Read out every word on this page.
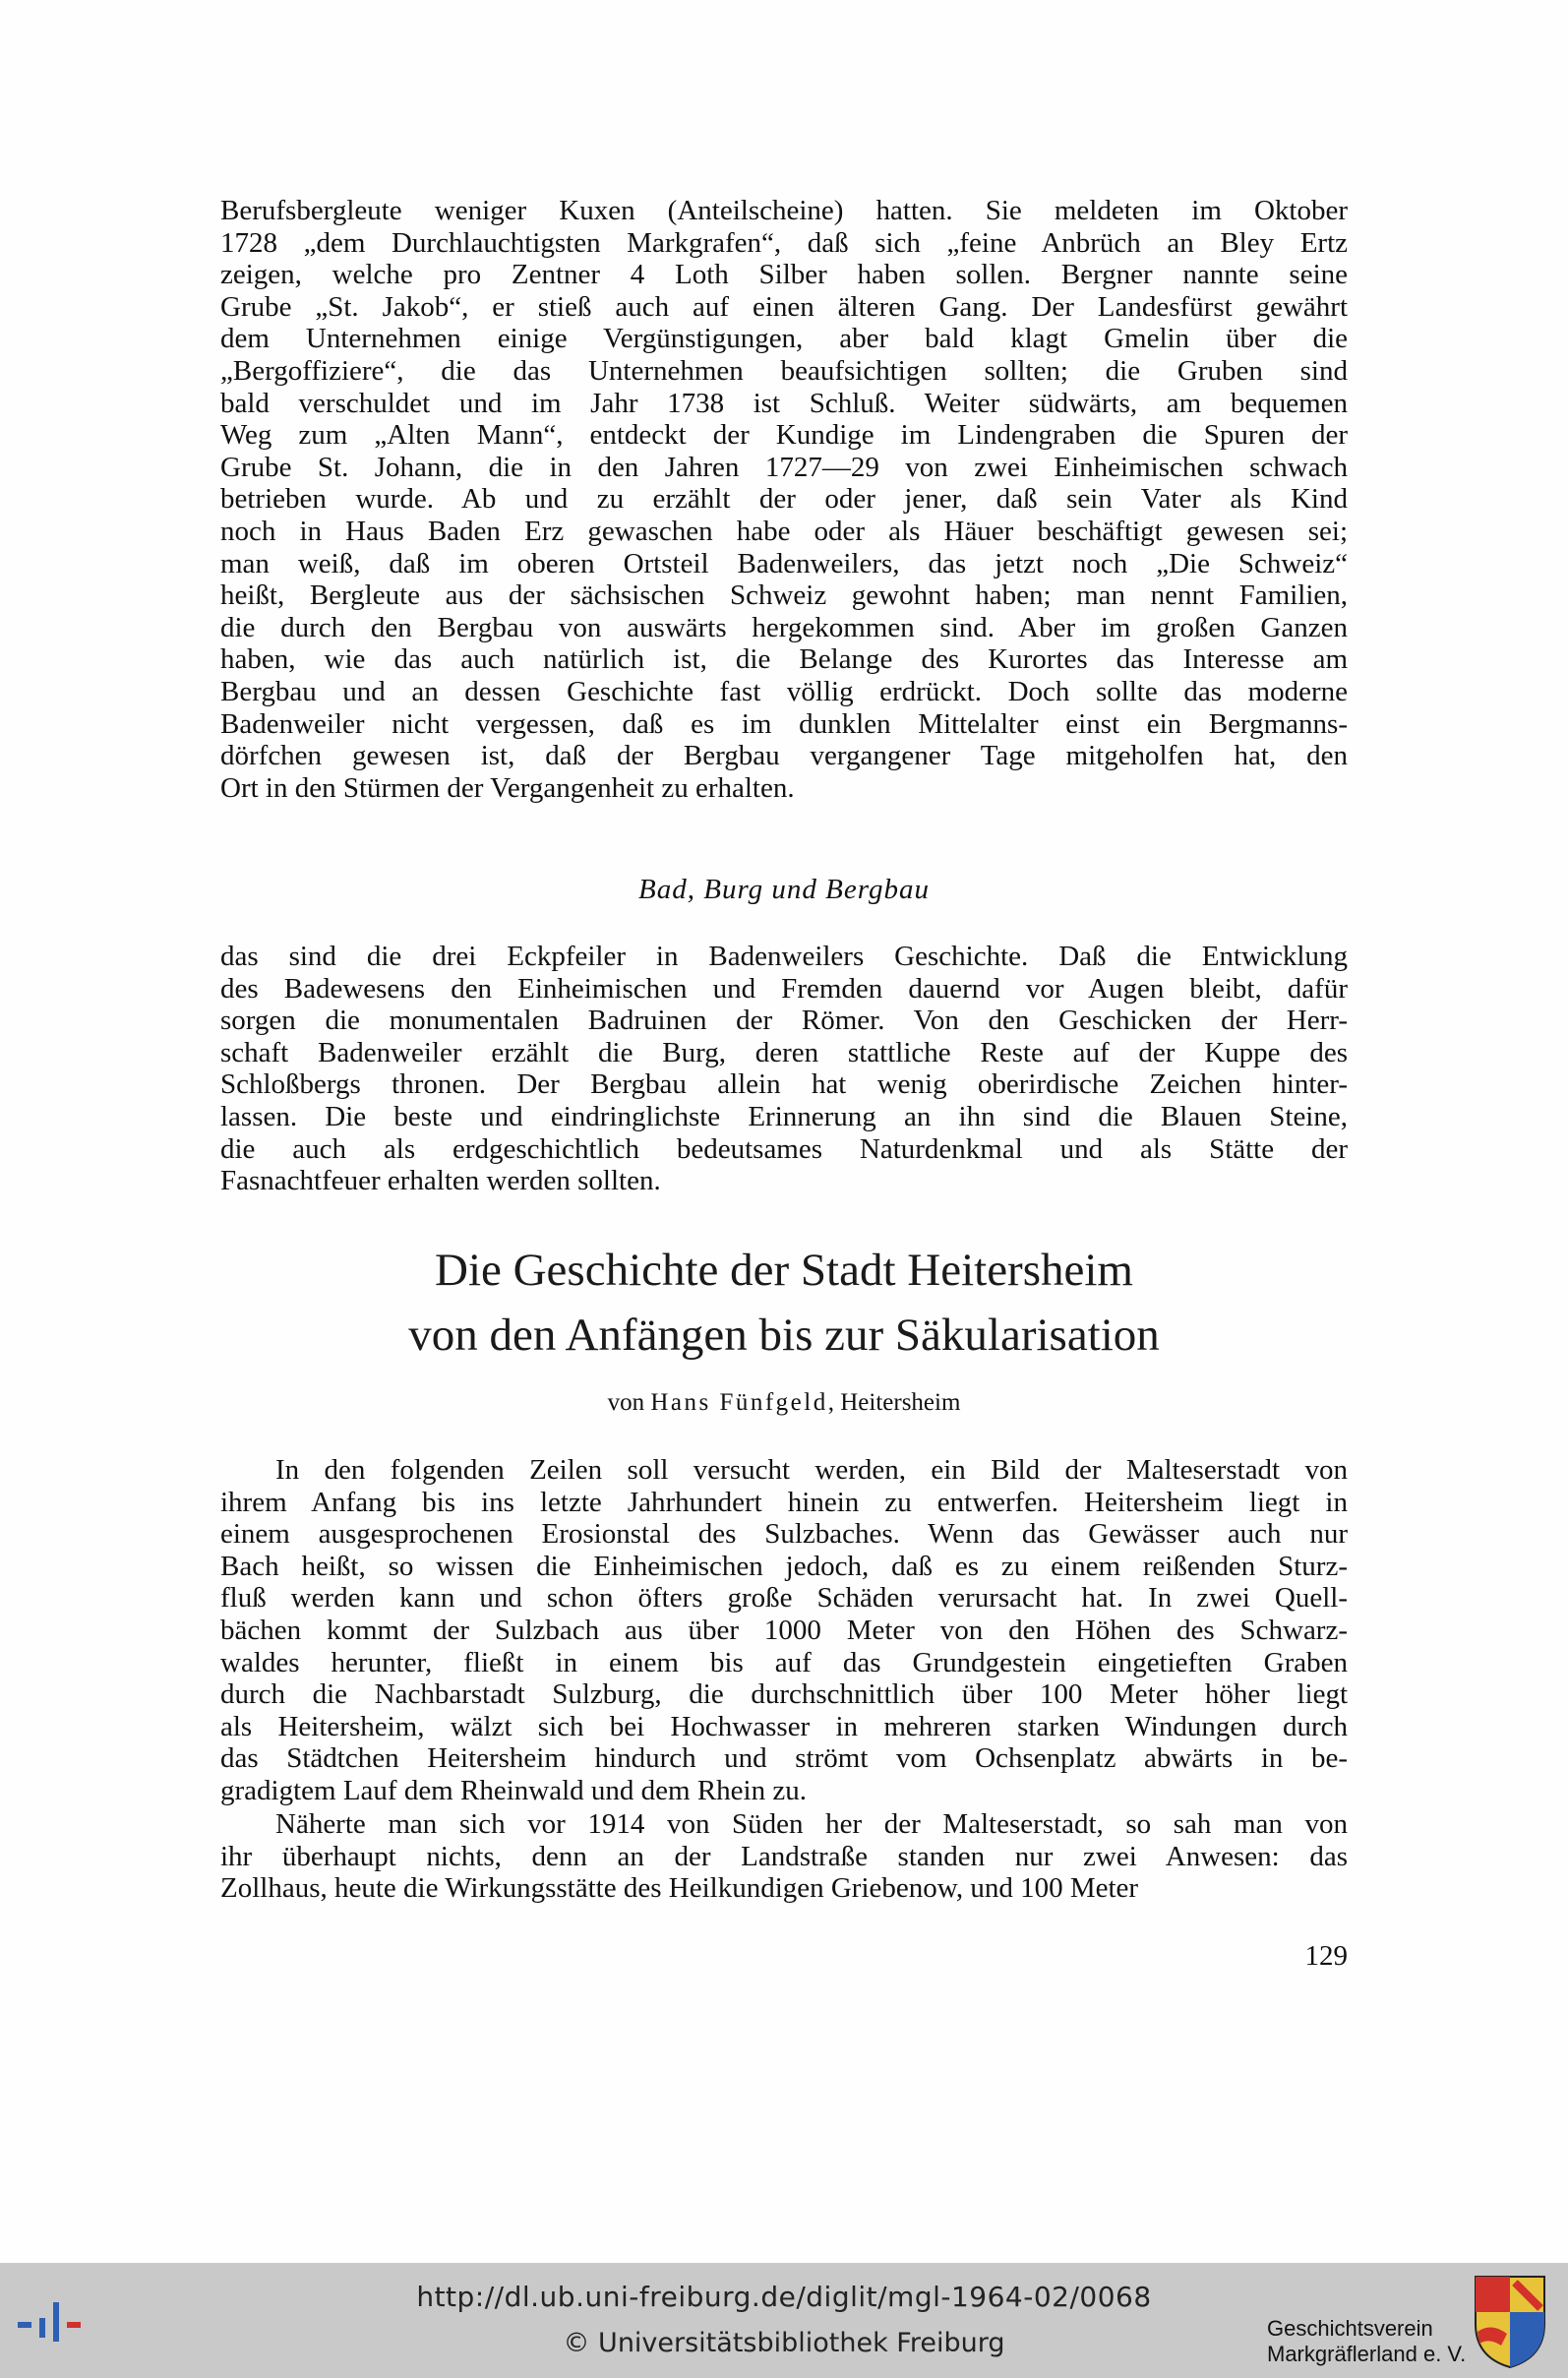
Berufsbergleute weniger Kuxen (Anteilscheine) hatten. Sie meldeten im Oktober
1728 „dem Durchlauchtigsten Markgrafen“, daß sich „feine Anbrüch an Bley Ertz
zeigen, welche pro Zentner 4 Loth Silber haben sollen. Bergner nannte seine
Grube „St. Jakob“, er stieß auch auf einen älteren Gang. Der Landesfürst gewährt
dem Unternehmen einige Vergünstigungen, aber bald klagt Gmelin über die
„Bergoffiziere“, die das Unternehmen beaufsichtigen sollten; die Gruben sind
bald verschuldet und im Jahr 1738 ist Schluß. Weiter südwärts, am bequemen
Weg zum „Alten Mann“, entdeckt der Kundige im Lindengraben die Spuren der
Grube St. Johann, die in den Jahren 1727—29 von zwei Einheimischen schwach
betrieben wurde. Ab und zu erzählt der oder jener, daß sein Vater als Kind
noch in Haus Baden Erz gewaschen habe oder als Häuer beschäftigt gewesen sei;
man weiß, daß im oberen Ortsteil Badenweilers, das jetzt noch „Die Schweiz“
heißt, Bergleute aus der sächsischen Schweiz gewohnt haben; man nennt Familien,
die durch den Bergbau von auswärts hergekommen sind. Aber im großen Ganzen
haben, wie das auch natürlich ist, die Belange des Kurortes das Interesse am
Bergbau und an dessen Geschichte fast völlig erdrückt. Doch sollte das moderne
Badenweiler nicht vergessen, daß es im dunklen Mittelalter einst ein Bergmanns-
dörfchen gewesen ist, daß der Bergbau vergangener Tage mitgeholfen hat, den
Ort in den Stürmen der Vergangenheit zu erhalten.
Bad, Burg und Bergbau
das sind die drei Eckpfeiler in Badenweilers Geschichte. Daß die Entwicklung
des Badewesens den Einheimischen und Fremden dauernd vor Augen bleibt, dafür
sorgen die monumentalen Badruinen der Römer. Von den Geschicken der Herr-
schaft Badenweiler erzählt die Burg, deren stattliche Reste auf der Kuppe des
Schloßbergs thronen. Der Bergbau allein hat wenig oberirdische Zeichen hinter-
lassen. Die beste und eindringlichste Erinnerung an ihn sind die Blauen Steine,
die auch als erdgeschichtlich bedeutsames Naturdenkmal und als Stätte der
Fasnachtfeuer erhalten werden sollten.
Die Geschichte der Stadt Heitersheim
von den Anfängen bis zur Säkularisation
von Hans Fünfgeld, Heitersheim
In den folgenden Zeilen soll versucht werden, ein Bild der Malteserstadt von
ihrem Anfang bis ins letzte Jahrhundert hinein zu entwerfen. Heitersheim liegt in
einem ausgesprochenen Erosionstal des Sulzbaches. Wenn das Gewässer auch nur
Bach heißt, so wissen die Einheimischen jedoch, daß es zu einem reißenden Sturz-
fluß werden kann und schon öfters große Schäden verursacht hat. In zwei Quell-
bächen kommt der Sulzbach aus über 1000 Meter von den Höhen des Schwarz-
waldes herunter, fließt in einem bis auf das Grundgestein eingetieften Graben
durch die Nachbarstadt Sulzburg, die durchschnittlich über 100 Meter höher liegt
als Heitersheim, wälzt sich bei Hochwasser in mehreren starken Windungen durch
das Städtchen Heitersheim hindurch und strömt vom Ochsenplatz abwärts in be-
gradigtem Lauf dem Rheinwald und dem Rhein zu.
Näherte man sich vor 1914 von Süden her der Malteserstadt, so sah man von
ihr überhaupt nichts, denn an der Landstraße standen nur zwei Anwesen: das
Zollhaus, heute die Wirkungsstätte des Heilkundigen Griebenow, und 100 Meter
129
http://dl.ub.uni-freiburg.de/diglit/mgl-1964-02/0068
© Universitätsbibliothek Freiburg	Geschichtsverein
Markgräflerland e. V.
